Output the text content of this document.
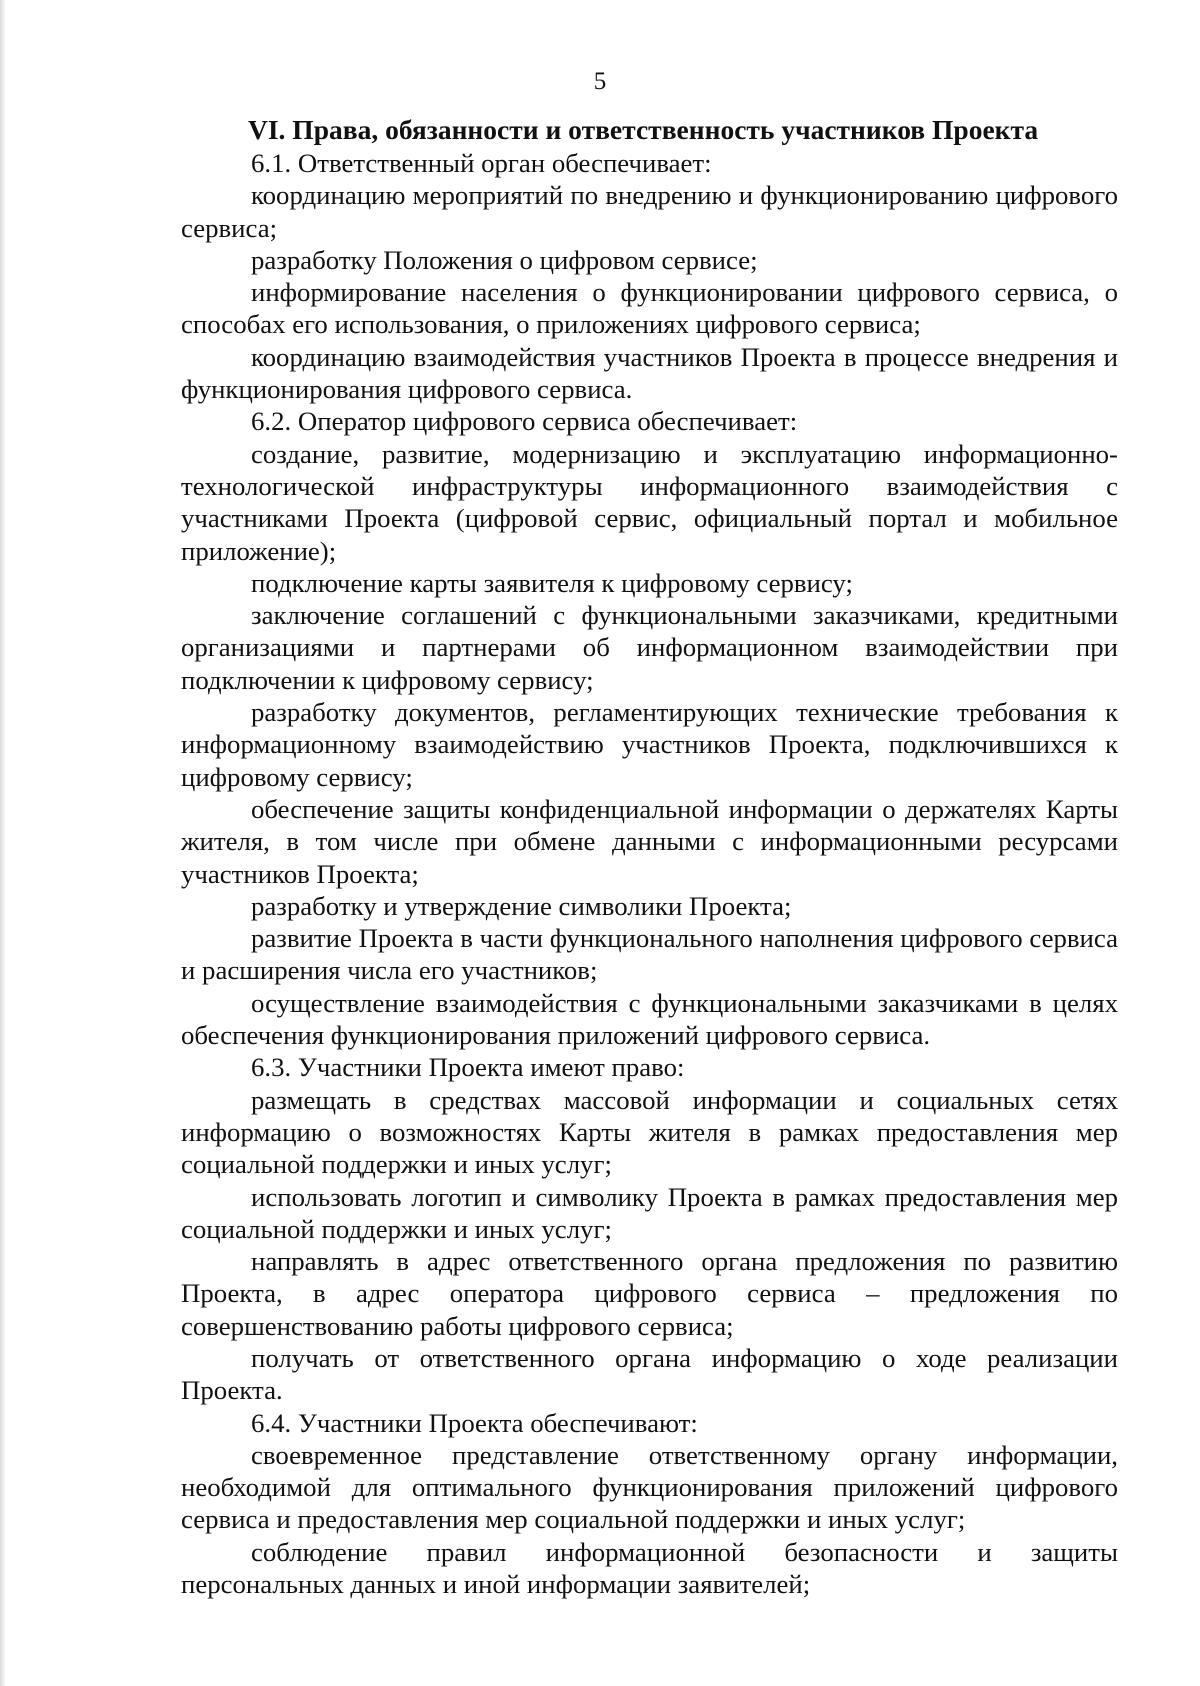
5
VI. Права, обязанности и ответственность участников Проекта

6.1. Ответственный орган обеспечивает:

координацию мероприятий по внедрению и функционированию цифрового сервиса;

разработку Положения о цифровом сервисе;

информирование населения о функционировании цифрового сервиса, о способах его использования, о приложениях цифрового сервиса;

координацию взаимодействия участников Проекта в процессе внедрения и функционирования цифрового сервиса.

6.2. Оператор цифрового сервиса обеспечивает:

создание, развитие, модернизацию и эксплуатацию информационно-технологической инфраструктуры информационного взаимодействия с участниками Проекта (цифровой сервис, официальный портал и мобильное приложение);

подключение карты заявителя к цифровому сервису;

заключение соглашений с функциональными заказчиками, кредитными организациями и партнерами об информационном взаимодействии при подключении к цифровому сервису;

разработку документов, регламентирующих технические требования к информационному взаимодействию участников Проекта, подключившихся к цифровому сервису;

обеспечение защиты конфиденциальной информации о держателях Карты жителя, в том числе при обмене данными с информационными ресурсами участников Проекта;

разработку и утверждение символики Проекта;

развитие Проекта в части функционального наполнения цифрового сервиса и расширения числа его участников;

осуществление взаимодействия с функциональными заказчиками в целях обеспечения функционирования приложений цифрового сервиса.

6.3. Участники Проекта имеют право:

размещать в средствах массовой информации и социальных сетях информацию о возможностях Карты жителя в рамках предоставления мер социальной поддержки и иных услуг;

использовать логотип и символику Проекта в рамках предоставления мер социальной поддержки и иных услуг;

направлять в адрес ответственного органа предложения по развитию Проекта, в адрес оператора цифрового сервиса – предложения по совершенствованию работы цифрового сервиса;

получать от ответственного органа информацию о ходе реализации Проекта.

6.4. Участники Проекта обеспечивают:

своевременное представление ответственному органу информации, необходимой для оптимального функционирования приложений цифрового сервиса и предоставления мер социальной поддержки и иных услуг;

соблюдение правил информационной безопасности и защиты персональных данных и иной информации заявителей;
